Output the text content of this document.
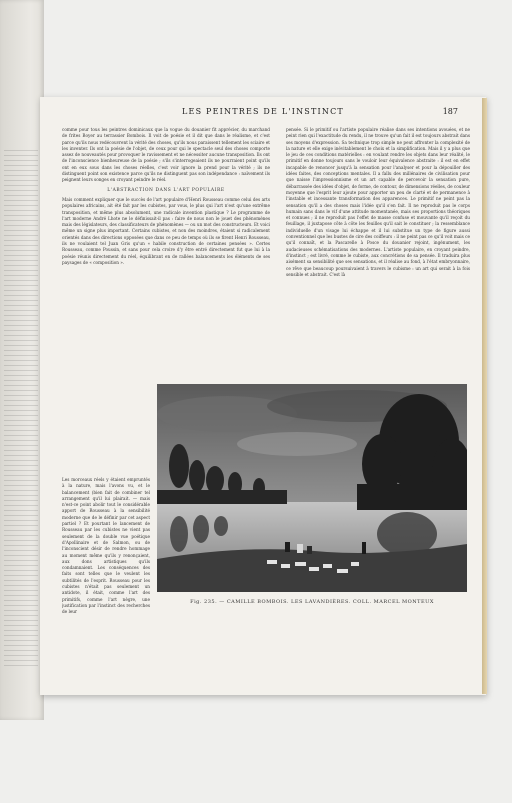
LES PEINTRES DE L'INSTINCT	187

comme pour tous les peintres dominicaux que la vogue du douanier fit apprécier, du marchand de frites Boyer au terrassier Bombois. Il voit de poésie et il dit que dans le réalisme, et c'est parce qu'ils nous redécouvrent la vérité des choses, qu'ils nous paraissent tellement les sciaire et les inventer. Ils ont la poésie de l'objet, de ceux pour qui le spectacle seul des choses comporte assez de nouveautés pour provoquer le ravissement et ne nécessiter aucune transposition. Ils ont de l'inconscience bienheureuse de la poésie ; s'ils s'interrogeaient ils ne pourraient point qu'ils ont en eux sous dans les choses réelles, c'est voir ignore la prend pour la vérité ; ils ne distinguent point son existence parce qu'ils ne distinguent pas son indépendance : naïvement ils peignent leurs songes en croyant peindre le réel.

L'ABSTRACTION DANS L'ART POPULAIRE

Mais comment expliquer que le succès de l'art populaire d'Henri Rousseau comme celui des arts populaires africains, ait été fait par les cubistes, par vous, le plus qui l'art n'est qu'une extrême transposition, et même plus absolument, une radicale invention plastique ? Le programme de l'art moderne André Lhote ne le définissait-il pas : faire de nous non le jouet des phénomènes mais des législateurs, des classificateurs de phénomènes — ou un mot des constructeurs. Et voici même un signe plus important. Certains cubistes, et non des moindres, étaient si radicalement orientés dans des directions opposées que dans ce peu de temps où ils se firent Henri Rousseau, ils ne voulaient tel Juan Gris qu'un « habile construction de certaines pensées ». Certes Rousseau, comme Poussin, et sans pour cela croire d'y être entré directement fut que lui à la poésie réunis directement du réel, équilibrant en de rallées balancements les éléments de ses paysages de « composition ».

pensée. Si le primitif ou l'artiste populaire réalise dans ses intentions avouées, et ne peint rien qui l'exactitude du rendu, il ne trouve qu'un fait il est toujours abstrait dans ses moyens d'expression. Sa technique trop simple ne peut affronter la complexité de la nature et elle exige inévitablement le choix et la simplification. Mais il y a plus que le jeu de ces conditions matérielles : en voulant rendre les objets dans leur réalité, le primitif en donne toujours sans le vouloir leur équivalence abstraite : il est en effet incapable de renoncer jusqu'à la sensation pour l'analyser et pour la dépouiller des idées faites, des conceptions mentales. Il a fallu des millénaires de civilisation pour que naisse l'impressionnisme et un art capable de percevoir la sensation pure, débarrassée des idées d'objet, de forme, de contour, de dimensions réelles, de couleur moyenne que l'esprit leur ajoute pour apporter un peu de clarté et de permanence à l'instable et incessante transformation des apparences. Le primitif ne peint pas la sensation qu'il a des choses mais l'idée qu'il s'en fait. Il ne reproduit pas le corps humain sans dans le vif d'une attitude momentanée, mais ses proportions théoriques et connues ; il ne reproduit pas l'effet de masse confuse et mouvante qu'il reçoit du feuillage, il juxtapose côte à côte les feuilles qu'il sait le constituer ; la ressemblance individuelle d'un visage lui échappe et il lui substitue un type de figure aussi conventionnel que les bustes de cire des coiffeurs : il ne peint pas ce qu'il voit mais ce qu'il connaît, et la Pascarelle à Posce du douanier rejoint, ingénument, les audacieuses schématisations des modernes. L'artiste populaire, en croyant peindre, d'instinct ; est livré, comme le cubiste, aux concrétions de sa pensée. Il traduira plus aisément sa sensibilité que ses sensations, et il réalise au fond, à l'état embryonnaire, ce rêve que beaucoup poursuivaient à travers le cubisme : un art qui serait à la fois sensible et abstrait. C'est là

Les morceaux réels y étaient empruntés à la nature, mais l'avons vu, et le balancement (bien fait de combiner tel arrangement qu'il lui plairait. — mais n'est-ce point abolir tout le considérable apport de Rousseau à la sensibilité moderne que de le définir par cet aspect partiel ? Et pourtant le lancement de Rousseau par les cubistes ne vient pas seulement de la double vue poétique d'Apollinaire et de Salmon, ou de l'inconscient désir de rendre hommage au moment même qu'ils y renonçaient, aux dons artistiques qu'ils condamnaient. Les conséquences des faits sont telles que le veulent les subtilités de l'esprit. Rousseau pour les cubistes n'était pas seulement un antidote, il était, comme l'art des primitifs, comme l'art nègre, une justification par l'instinct des recherches de leur

Fig. 235. — CAMILLE BOMBOIS. LES LAVANDIÈRES. COLL. MARCEL MONTEUX
